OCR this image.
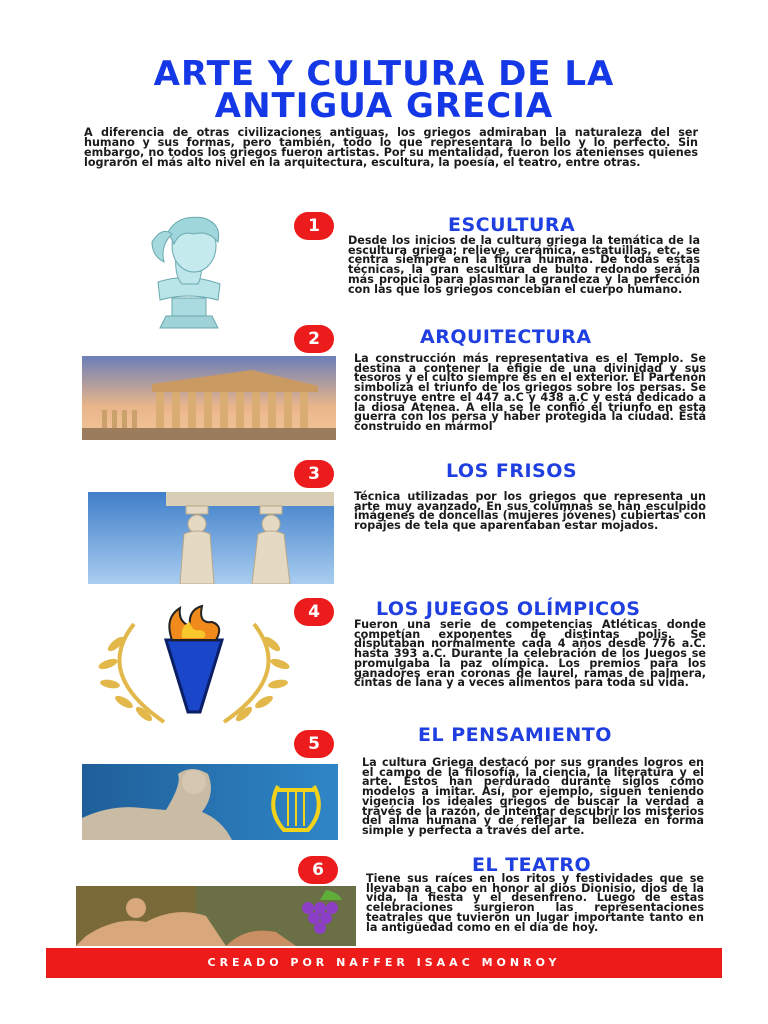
ARTE Y CULTURA DE LA
ANTIGUA GRECIA
A diferencia de otras civilizaciones antiguas, los griegos admiraban la naturaleza del ser humano y sus formas, pero también, todo lo que representara lo bello y lo perfecto. Sin embargo, no todos los griegos fueron artistas. Por su mentalidad, fueron los atenienses quienes lograron el más alto nivel en la arquitectura, escultura, la poesía, el teatro, entre otras.
1	ESCULTURA
Desde los inicios de la cultura griega la temática de la escultura griega; relieve, cerámica, estatuillas, etc, se centra siempre en la figura humana. De todas estas técnicas, la gran escultura de bulto redondo será la más propicia para plasmar la grandeza y la perfección con las que los griegos concebían el cuerpo humano.
2	ARQUITECTURA
La construcción más representativa es el Templo. Se destina a contener la efigie de una divinidad y sus tesoros y el culto siempre es en el exterior. El Partenón simboliza el triunfo de los griegos sobre los persas. Se construye entre el 447 a.C y 438 a.C y está dedicado a la diosa Atenea. A ella se le confió el triunfo en esta guerra con los persa y haber protegida la ciudad. Está construido en mármol
3	LOS FRISOS
Técnica utilizadas por los griegos que representa un arte muy avanzado. En sus columnas se han esculpido imágenes de doncellas (mujeres jóvenes) cubiertas con ropajes de tela que aparentaban estar mojados.
4	LOS JUEGOS OLÍMPICOS
Fueron una serie de competencias Atléticas donde competían exponentes de distintas polis. Se disputaban normalmente cada 4 años desde 776 a.C. hasta 393 a.C. Durante la celebración de los Juegos se promulgaba la paz olímpica. Los premios para los ganadores eran coronas de laurel, ramas de palmera, cintas de lana y a veces alimentos para toda su vida.
5	EL PENSAMIENTO
La cultura Griega destacó por sus grandes logros en el campo de la filosofía, la ciencia, la literatura y el arte. Estos han perdurado durante siglos como modelos a imitar. Así, por ejemplo, siguen teniendo vigencia los ideales griegos de buscar la verdad a través de la razón, de intentar descubrir los misterios del alma humana y de reflejar la belleza en forma simple y perfecta a través del arte.
6	EL TEATRO
Tiene sus raíces en los ritos y festividades que se llevaban a cabo en honor al dios Dionisio, dios de la vida, la fiesta y el desenfreno. Luego de estas celebraciones surgieron las representaciones teatrales que tuvieron un lugar importante tanto en la antigüedad como en el día de hoy.
CREADO POR NAFFER ISAAC MONROY
